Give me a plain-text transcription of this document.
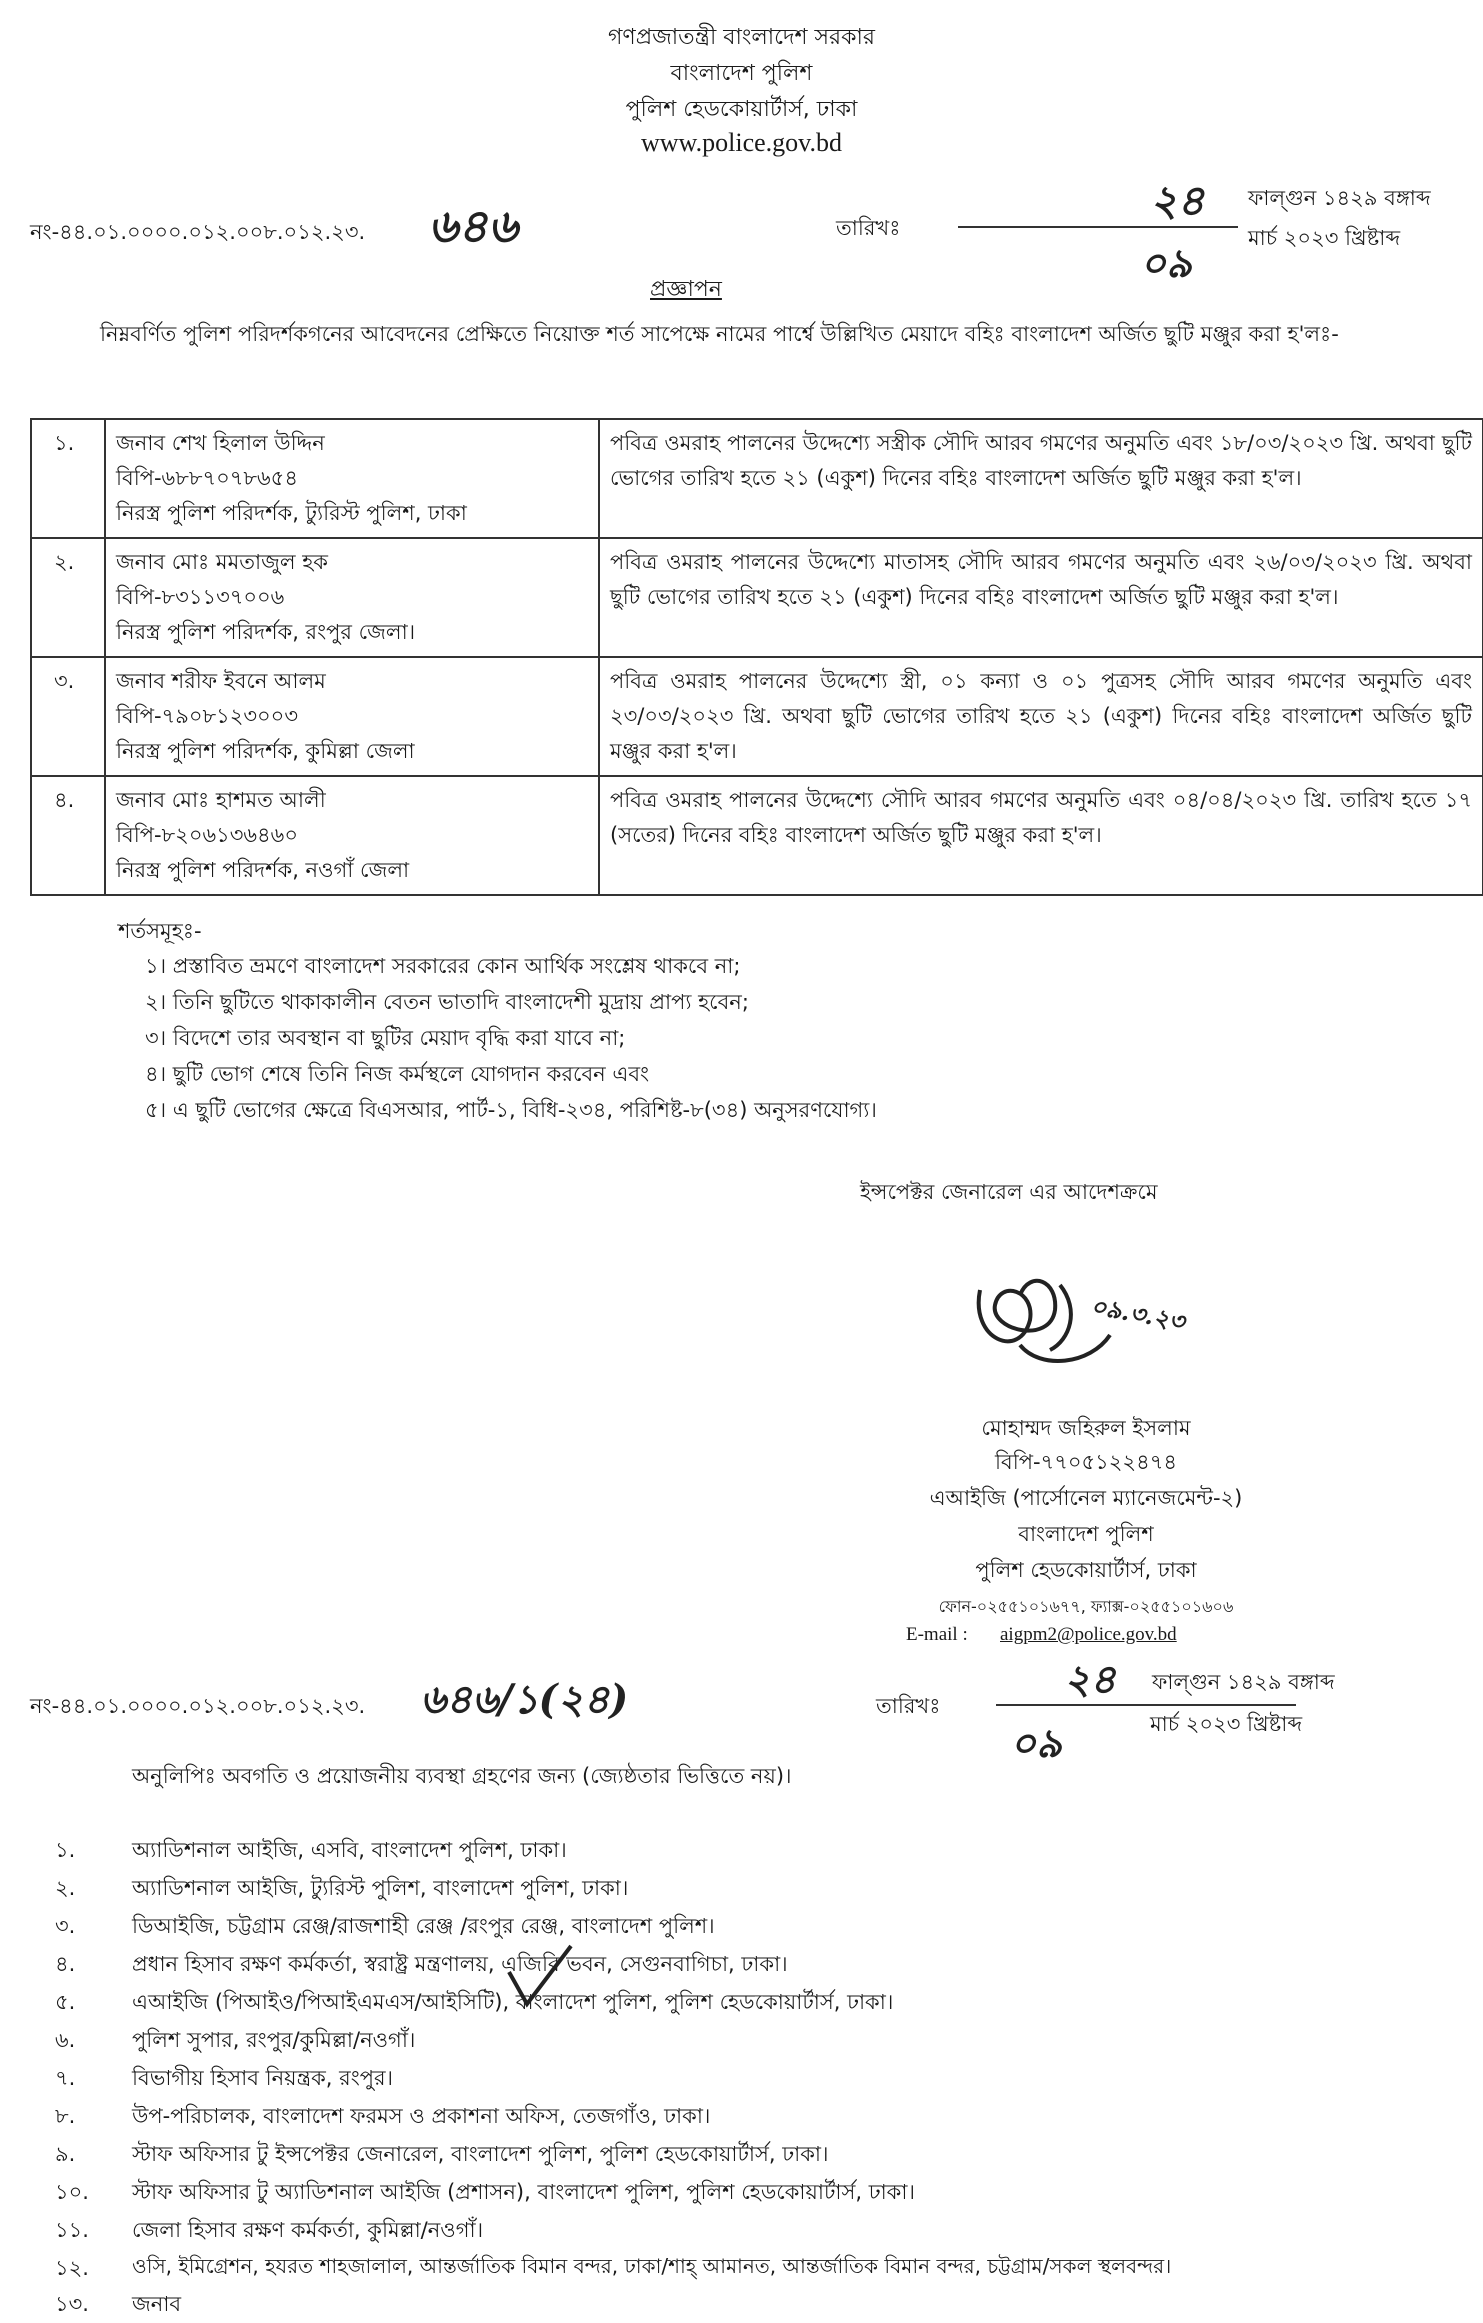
গণপ্রজাতন্ত্রী বাংলাদেশ সরকার
বাংলাদেশ পুলিশ
পুলিশ হেডকোয়ার্টার্স, ঢাকা
www.police.gov.bd
নং-৪৪.০১.০০০০.০১২.০০৮.০১২.২৩. ৬৪৬	তারিখঃ
২৪ ফাল্গুন ১৪২৯ বঙ্গাব্দ
০৯
মার্চ ২০২৩ খ্রিষ্টাব্দ
প্রজ্ঞাপন
নিম্নবর্ণিত পুলিশ পরিদর্শকগনের আবেদনের প্রেক্ষিতে নিয়োক্ত শর্ত সাপেক্ষে নামের পার্শ্বে উল্লিখিত মেয়াদে বহিঃ বাংলাদেশ অর্জিত ছুটি মঞ্জুর করা হ'লঃ-
১.	জনাব শেখ হিলাল উদ্দিন
বিপি-৬৮৮৭০৭৮৬৫৪
নিরস্ত্র পুলিশ পরিদর্শক, ট্যুরিস্ট পুলিশ, ঢাকা	পবিত্র ওমরাহ পালনের উদ্দেশ্যে সস্ত্রীক সৌদি আরব গমণের অনুমতি এবং ১৮/০৩/২০২৩ খ্রি. অথবা ছুটি ভোগের তারিখ হতে ২১ (একুশ) দিনের বহিঃ বাংলাদেশ অর্জিত ছুটি মঞ্জুর করা হ'ল।
২.	জনাব মোঃ মমতাজুল হক
বিপি-৮৩১১৩৭০০৬
নিরস্ত্র পুলিশ পরিদর্শক, রংপুর জেলা।	পবিত্র ওমরাহ পালনের উদ্দেশ্যে মাতাসহ সৌদি আরব গমণের অনুমতি এবং ২৬/০৩/২০২৩ খ্রি. অথবা ছুটি ভোগের তারিখ হতে ২১ (একুশ) দিনের বহিঃ বাংলাদেশ অর্জিত ছুটি মঞ্জুর করা হ'ল।
৩.	জনাব শরীফ ইবনে আলম
বিপি-৭৯০৮১২৩০০৩
নিরস্ত্র পুলিশ পরিদর্শক, কুমিল্লা জেলা	পবিত্র ওমরাহ পালনের উদ্দেশ্যে স্ত্রী, ০১ কন্যা ও ০১ পুত্রসহ সৌদি আরব গমণের অনুমতি এবং ২৩/০৩/২০২৩ খ্রি. অথবা ছুটি ভোগের তারিখ হতে ২১ (একুশ) দিনের বহিঃ বাংলাদেশ অর্জিত ছুটি মঞ্জুর করা হ'ল।
৪.	জনাব মোঃ হাশমত আলী
বিপি-৮২০৬১৩৬৪৬০
নিরস্ত্র পুলিশ পরিদর্শক, নওগাঁ জেলা	পবিত্র ওমরাহ পালনের উদ্দেশ্যে সৌদি আরব গমণের অনুমতি এবং ০৪/০৪/২০২৩ খ্রি. তারিখ হতে ১৭ (সতের) দিনের বহিঃ বাংলাদেশ অর্জিত ছুটি মঞ্জুর করা হ'ল।
শর্তসমূহঃ-
১। প্রস্তাবিত ভ্রমণে বাংলাদেশ সরকারের কোন আর্থিক সংশ্লেষ থাকবে না;
২। তিনি ছুটিতে থাকাকালীন বেতন ভাতাদি বাংলাদেশী মুদ্রায় প্রাপ্য হবেন;
৩। বিদেশে তার অবস্থান বা ছুটির মেয়াদ বৃদ্ধি করা যাবে না;
৪। ছুটি ভোগ শেষে তিনি নিজ কর্মস্থলে যোগদান করবেন এবং
৫। এ ছুটি ভোগের ক্ষেত্রে বিএসআর, পার্ট-১, বিধি-২৩৪, পরিশিষ্ট-৮(৩৪) অনুসরণযোগ্য।
ইন্সপেক্টর জেনারেল এর আদেশক্রমে
০৯.৩.২৩
মোহাম্মদ জহিরুল ইসলাম
বিপি-৭৭০৫১২২৪৭৪
এআইজি (পার্সোনেল ম্যানেজমেন্ট-২)
বাংলাদেশ পুলিশ
পুলিশ হেডকোয়ার্টার্স, ঢাকা
ফোন-০২৫৫১০১৬৭৭, ফ্যাক্স-০২৫৫১০১৬০৬
E-mail : aigpm2@police.gov.bd
নং-৪৪.০১.০০০০.০১২.০০৮.০১২.২৩. ৬৪৬/১(২৪)	তারিখঃ
২৪ ফাল্গুন ১৪২৯ বঙ্গাব্দ
০৯	মার্চ ২০২৩ খ্রিষ্টাব্দ
অনুলিপিঃ অবগতি ও প্রয়োজনীয় ব্যবস্থা গ্রহণের জন্য (জ্যেষ্ঠতার ভিত্তিতে নয়)।
১.	অ্যাডিশনাল আইজি, এসবি, বাংলাদেশ পুলিশ, ঢাকা।
২.	অ্যাডিশনাল আইজি, ট্যুরিস্ট পুলিশ, বাংলাদেশ পুলিশ, ঢাকা।
৩.	ডিআইজি, চট্টগ্রাম রেঞ্জ/রাজশাহী রেঞ্জ /রংপুর রেঞ্জ, বাংলাদেশ পুলিশ।
৪.	প্রধান হিসাব রক্ষণ কর্মকর্তা, স্বরাষ্ট্র মন্ত্রণালয়, এজিবি ভবন, সেগুনবাগিচা, ঢাকা।
৫.	এআইজি (পিআইও/পিআইএমএস/আইসিটি), বাংলাদেশ পুলিশ, পুলিশ হেডকোয়ার্টার্স, ঢাকা।
৬.	পুলিশ সুপার, রংপুর/কুমিল্লা/নওগাঁ।
৭.	বিভাগীয় হিসাব নিয়ন্ত্রক, রংপুর।
৮.	উপ-পরিচালক, বাংলাদেশ ফরমস ও প্রকাশনা অফিস, তেজগাঁও, ঢাকা।
৯.	স্টাফ অফিসার টু ইন্সপেক্টর জেনারেল, বাংলাদেশ পুলিশ, পুলিশ হেডকোয়ার্টার্স, ঢাকা।
১০. স্টাফ অফিসার টু অ্যাডিশনাল আইজি (প্রশাসন), বাংলাদেশ পুলিশ, পুলিশ হেডকোয়ার্টার্স, ঢাকা।
১১. জেলা হিসাব রক্ষণ কর্মকর্তা, কুমিল্লা/নওগাঁ।
১২. ওসি, ইমিগ্রেশন, হযরত শাহজালাল, আন্তর্জাতিক বিমান বন্দর, ঢাকা/শাহ্ আমানত, আন্তর্জাতিক বিমান বন্দর, চট্টগ্রাম/সকল স্থলবন্দর।
১৩. জনাব
